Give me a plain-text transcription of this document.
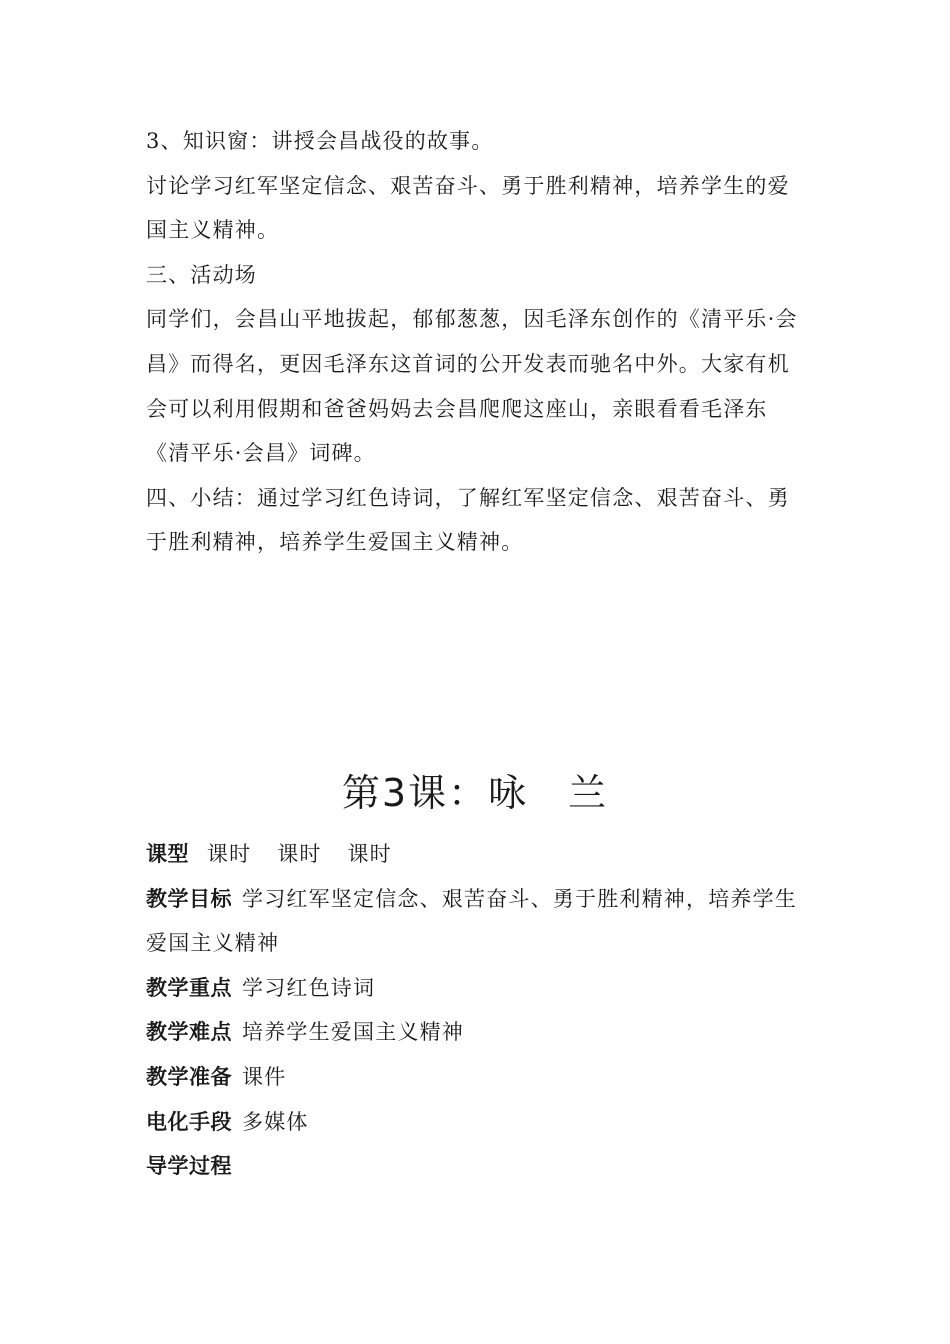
3、知识窗：讲授会昌战役的故事。

讨论学习红军坚定信念、艰苦奋斗、勇于胜利精神，培养学生的爱国主义精神。

三、活动场

同学们，会昌山平地拔起，郁郁葱葱，因毛泽东创作的《清平乐·会昌》而得名，更因毛泽东这首词的公开发表而驰名中外。大家有机会可以利用假期和爸爸妈妈去会昌爬爬这座山，亲眼看看毛泽东《清平乐·会昌》词碑。

四、小结：通过学习红色诗词，了解红军坚定信念、艰苦奋斗、勇于胜利精神，培养学生爱国主义精神。

第3课：咏　兰

课型 课时 课时 课时

教学目标 学习红军坚定信念、艰苦奋斗、勇于胜利精神，培养学生爱国主义精神

教学重点 学习红色诗词

教学难点 培养学生爱国主义精神

教学准备 课件

电化手段 多媒体

导学过程
